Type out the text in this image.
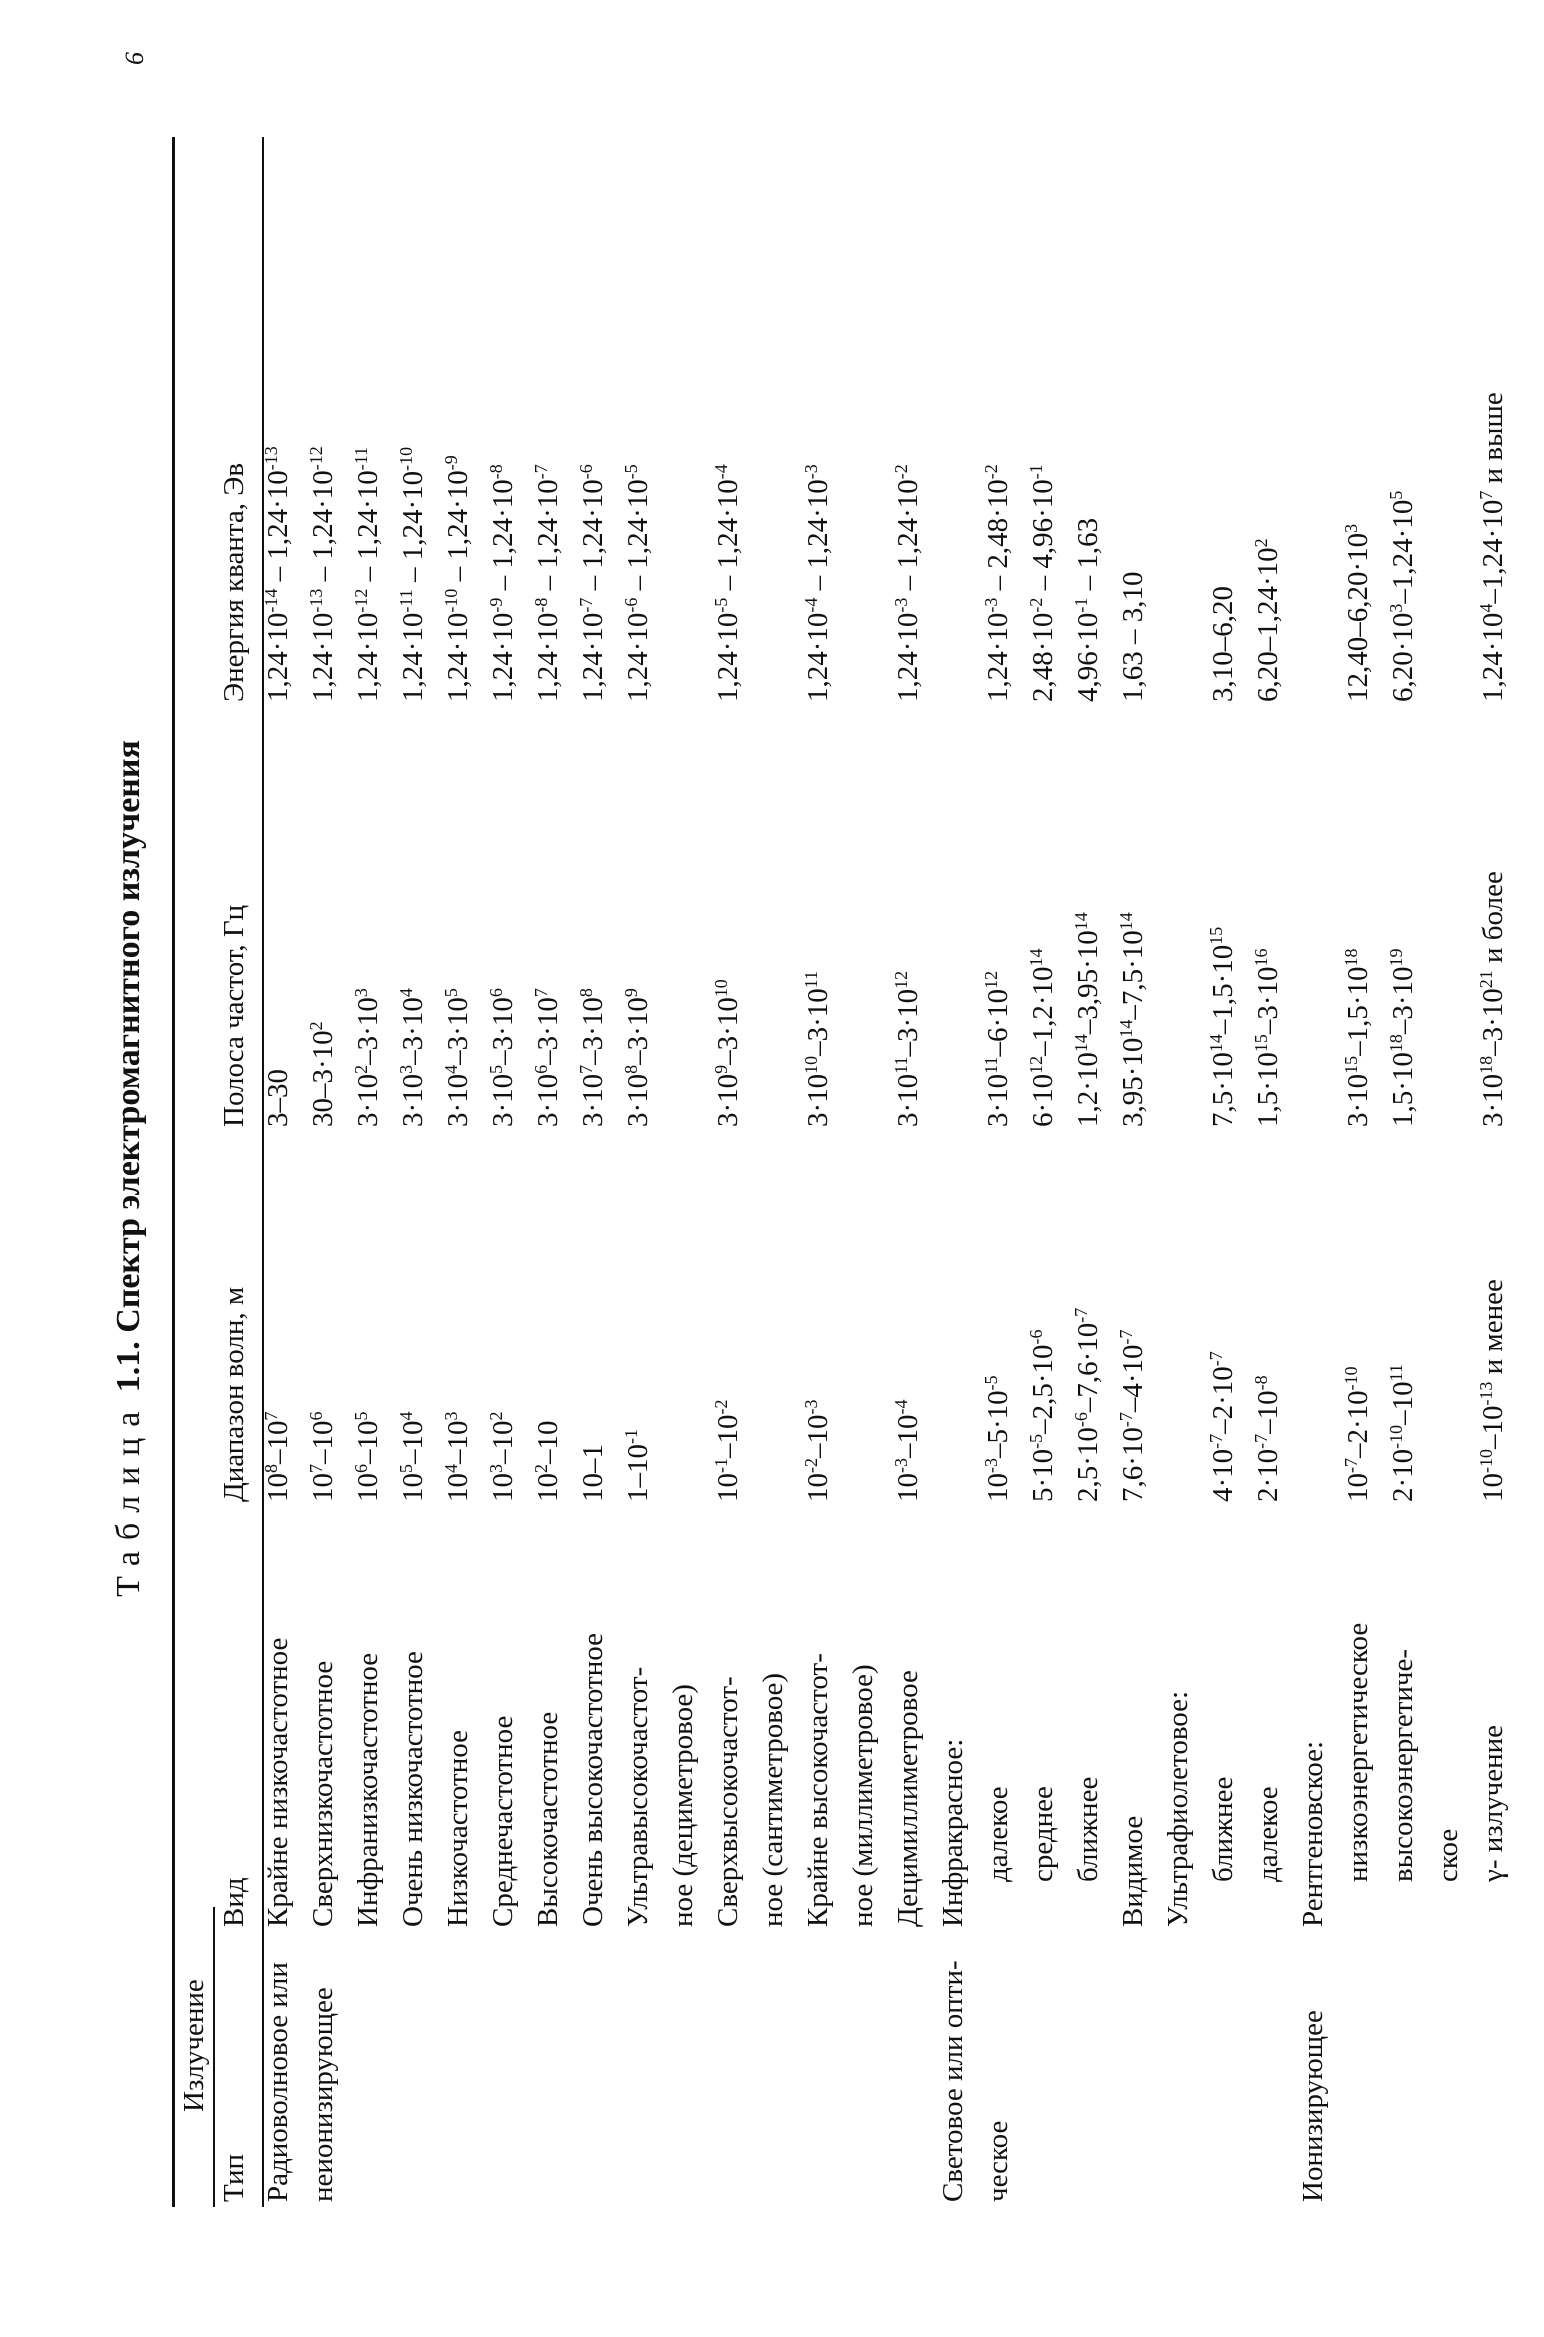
6
Таблица 1.1. Спектр электромагнитного излучения
Излучение
Тип
Вид
Диапазон волн, м
Полоса частот, Гц
Энергия кванта, Эв
Радиоволновое или
Крайне низкочастотное
$10^8-10^7$
3–30
$1,24\cdot 10^{-14} - 1,24\cdot 10^{-13}$
неионизирующее
Сверхнизкочастотное
$10^7-10^6$
$30-3\cdot 10^2$
$1,24\cdot 10^{-13} - 1,24\cdot 10^{-12}$
Инфранизкочастотное
$10^6-10^5$
$3\cdot 10^2-3\cdot 10^3$
$1,24\cdot 10^{-12} - 1,24\cdot 10^{-11}$
Очень низкочастотное
$10^5-10^4$
$3\cdot 10^3-3\cdot 10^4$
$1,24\cdot 10^{-11} - 1,24\cdot 10^{-10}$
Низкочастотное
$10^4-10^3$
$3\cdot 10^4-3\cdot 10^5$
$1,24\cdot 10^{-10} - 1,24\cdot 10^{-9}$
Среднечастотное
$10^3-10^2$
$3\cdot 10^5-3\cdot 10^6$
$1,24\cdot 10^{-9} - 1,24\cdot 10^{-8}$
Высокочастотное
$10^2-10$
$3\cdot 10^6-3\cdot 10^7$
$1,24\cdot 10^{-8} - 1,24\cdot 10^{-7}$
Очень высокочастотное
10–1
$3\cdot 10^7-3\cdot 10^8$
$1,24\cdot 10^{-7} - 1,24\cdot 10^{-6}$
Ультравысокочастот-
$1-10^{-1}$
$3\cdot 10^8-3\cdot 10^9$
$1,24\cdot 10^{-6} - 1,24\cdot 10^{-5}$
ное (дециметровое) Сверхвысокочастот-
$10^{-1}-10^{-2}$
$3\cdot 10^9-3\cdot 10^{10}$
$1,24\cdot 10^{-5} - 1,24\cdot 10^{-4}$
ное (сантиметровое) Крайне высокочастот-
$10^{-2}-10^{-3}$
$3\cdot 10^{10}-3\cdot 10^{11}$
$1,24\cdot 10^{-4} - 1,24\cdot 10^{-3}$
ное (миллиметровое) Децимиллиметровое
$10^{-3}-10^{-4}$
$3\cdot 10^{11}-3\cdot 10^{12}$
$1,24\cdot 10^{-3} - 1,24\cdot 10^{-2}$
Световое или опти-
Инфракрасное:
ческое
далекое
$10^{-3}-5\cdot 10^{-5}$
$3\cdot 10^{11}-6\cdot 10^{12}$
$1,24\cdot 10^{-3} - 2,48\cdot 10^{-2}$
среднее
$5\cdot 10^{-5}-2,5\cdot 10^{-6}$
$6\cdot 10^{12}-1,2\cdot 10^{14}$
$2,48\cdot 10^{-2} - 4,96\cdot 10^{-1}$
ближнее
$2,5\cdot 10^{-6}-7,6\cdot 10^{-7}$
$1,2\cdot 10^{14}-3,95\cdot 10^{14}$
$4,96\cdot 10^{-1} - 1,63$
Видимое
$7,6\cdot 10^{-7}-4\cdot 10^{-7}$
$3,95\cdot 10^{14}-7,5\cdot 10^{14}$
1,63 – 3,10
Ультрафиолетовое: ближнее
$4\cdot 10^{-7}-2\cdot 10^{-7}$
$7,5\cdot 10^{14}-1,5\cdot 10^{15}$
3,10–6,20
далекое
$2\cdot 10^{-7}-10^{-8}$
$1,5\cdot 10^{15}-3\cdot 10^{16}$
$6,20-1,24\cdot 10^2$
Ионизирующее
Рентгеновское: низкоэнергетическое
$10^{-7}-2\cdot 10^{-10}$
$3\cdot 10^{15}-1,5\cdot 10^{18}$
$12,40-6,20\cdot 10^3$
высокоэнергетиче-
$2\cdot 10^{-10}-10^{11}$
$1,5\cdot 10^{18}-3\cdot 10^{19}$
$6,20\cdot 10^3-1,24\cdot 10^5$
ское γ- излучение
$10^{-10}-10^{-13}$ и менее
$3\cdot 10^{18}-3\cdot 10^{21}$ и более
$1,24\cdot 10^4-1,24\cdot 10^7$ и выше
